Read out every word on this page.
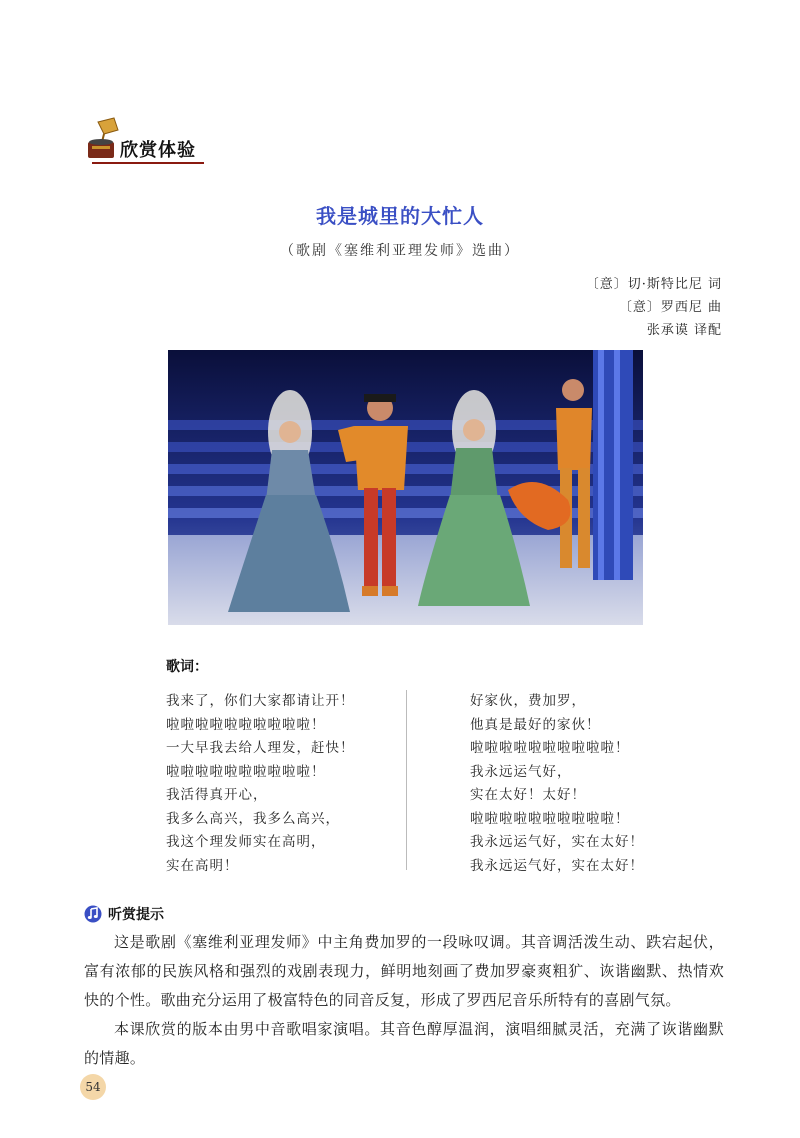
欣赏体验
我是城里的大忙人
（歌剧《塞维利亚理发师》选曲）
〔意〕切·斯特比尼 词
〔意〕罗西尼 曲
张承谟 译配
歌词：
我来了，你们大家都请让开！
啦啦啦啦啦啦啦啦啦啦！
一大早我去给人理发，赶快！
啦啦啦啦啦啦啦啦啦啦！
我活得真开心，
我多么高兴，我多么高兴，
我这个理发师实在高明，
实在高明！
好家伙，费加罗，
他真是最好的家伙！
啦啦啦啦啦啦啦啦啦啦！
我永远运气好，
实在太好！太好！
啦啦啦啦啦啦啦啦啦啦！
我永远运气好，实在太好！
我永远运气好，实在太好！
听赏提示
这是歌剧《塞维利亚理发师》中主角费加罗的一段咏叹调。其音调活泼生动、跌宕起伏，富有浓郁的民族风格和强烈的戏剧表现力，鲜明地刻画了费加罗豪爽粗犷、诙谐幽默、热情欢快的个性。歌曲充分运用了极富特色的同音反复，形成了罗西尼音乐所特有的喜剧气氛。
本课欣赏的版本由男中音歌唱家演唱。其音色醇厚温润，演唱细腻灵活，充满了诙谐幽默的情趣。
54
